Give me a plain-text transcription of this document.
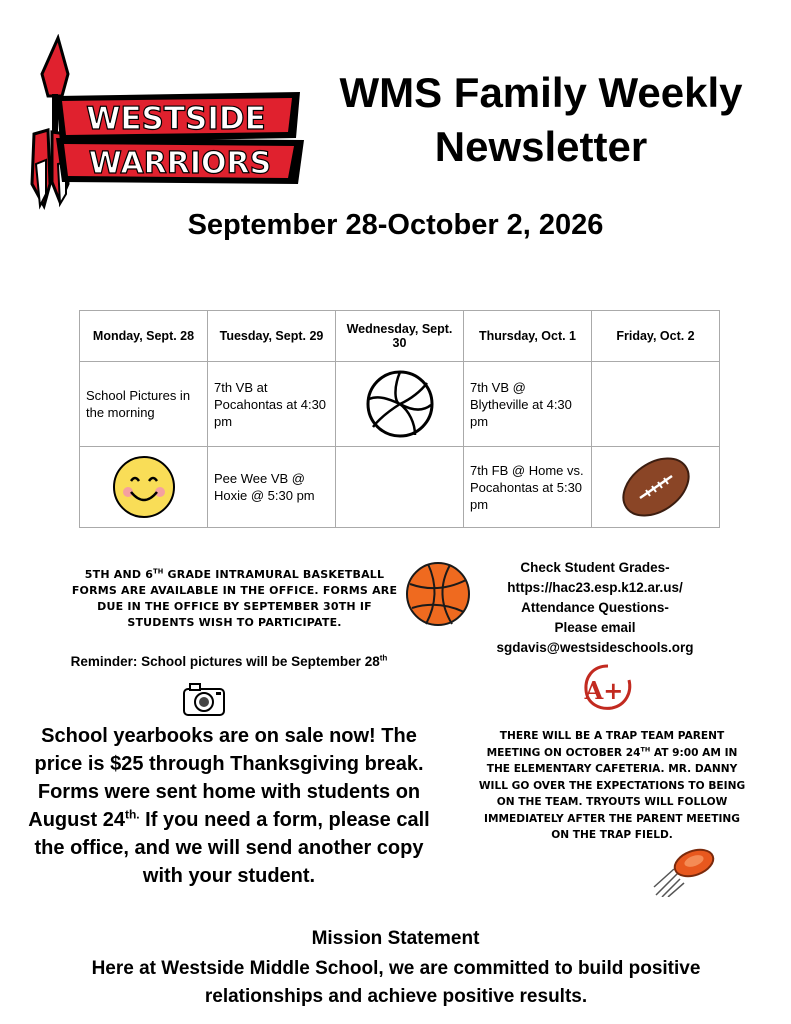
WESTSIDE
WARRIORS
WMS Family Weekly
Newsletter
September 28-October 2, 2026
Monday, Sept. 28	Tuesday, Sept. 29	Wednesday, Sept. 30	Thursday, Oct. 1	Friday, Oct. 2
School Pictures in the morning	7th VB at Pocahontas at 4:30 pm		7th VB @ Blytheville at 4:30 pm	

	Pee Wee VB @ Hoxie @ 5:30 pm		7th FB @ Home vs. Pocahontas at 5:30 pm	
5TH AND 6TH GRADE INTRAMURAL BASKETBALL FORMS ARE AVAILABLE IN THE OFFICE. FORMS ARE DUE IN THE OFFICE BY SEPTEMBER 30TH IF STUDENTS WISH TO PARTICIPATE.
Check Student Grades-
https://hac23.esp.k12.ar.us/
Attendance Questions-
Please email
sgdavis@westsideschools.org
Reminder: School pictures will be September 28th
School yearbooks are on sale now! The price is $25 through Thanksgiving break. Forms were sent home with students on August $24^{th.}$ If you need a form, please call the office, and we will send another copy with your student.
A+
THERE WILL BE A TRAP TEAM PARENT MEETING ON OCTOBER 24TH AT 9:00 AM IN THE ELEMENTARY CAFETERIA. MR. DANNY WILL GO OVER THE EXPECTATIONS TO BEING ON THE TEAM. TRYOUTS WILL FOLLOW IMMEDIATELY AFTER THE PARENT MEETING ON THE TRAP FIELD.
Mission Statement
Here at Westside Middle School, we are committed to build positive relationships and achieve positive results.
